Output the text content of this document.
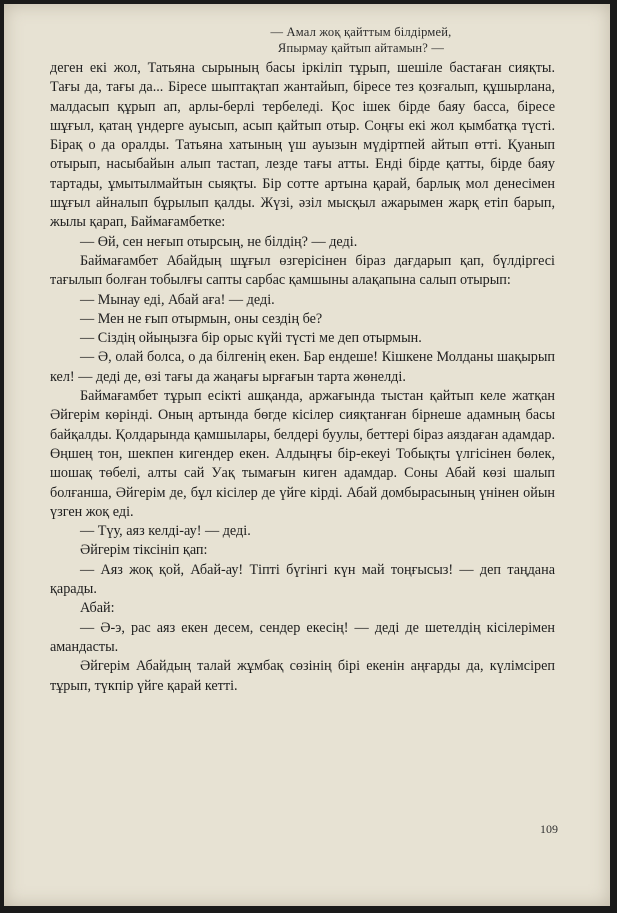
— Амал жоқ қайттым білдірмей,
Япырмау қайтып айтамын? —

деген екі жол, Татьяна сырының басы іркіліп тұрып, шешіле бастаған сияқты. Тағы да, тағы да... Біресе шыптақтап жантайып, біресе тез қозғалып, құшырлана, малдасып құрып ап, арлы-берлі тербеледі. Қос ішек бірде баяу басса, біресе шұғыл, қатаң үндерге ауысып, асып қайтып отыр. Соңғы екі жол қымбатқа түсті. Бірақ о да оралды. Татьяна хатының үш ауызын мүдіртпей айтып өтті. Қуанып отырып, насыбайын алып тастап, лезде тағы атты. Енді бірде қатты, бірде баяу тартады, ұмытылмайтын сыяқты. Бір сотте артына қарай, барлық мол денесімен шұғыл айналып бұрылып қалды. Жүзі, әзіл мысқыл ажарымен жарқ етіп барып, жылы қарап, Баймағамбетке:

— Өй, сен неғып отырсың, не білдің? — деді.

Баймағамбет Абайдың шұғыл өзгерісінен біраз дағдарып қап, бүлдіргесі тағылып болған тобылғы сапты сарбас қамшыны алақапына салып отырып:

— Мынау еді, Абай аға! — деді.

— Мен не ғып отырмын, оны сездің бе?

— Сіздің ойыңызға бір орыс күйі түсті ме деп отырмын.

— Ә, олай болса, о да білгенің екен. Бар ендеше! Кішкене Молданы шақырып кел! — деді де, өзі тағы да жаңағы ырғағын тарта жөнелді.

Баймағамбет тұрып есікті ашқанда, аржағында тыстан қайтып келе жатқан Әйгерім көрінді. Оның артында бөгде кісілер сияқтанған бірнеше адамның басы байқалды. Қолдарында қамшылары, белдері буулы, беттері біраз аяздаған адамдар. Өңшең тон, шекпен кигендер екен. Алдыңғы бір-екеуі Тобықты үлгісінен бөлек, шошақ төбелі, алты сай Уақ тымағын киген адамдар. Соны Абай көзі шалып болғанша, Әйгерім де, бұл кісілер де үйге кірді. Абай домбырасының үнінен ойын үзген жоқ еді.

— Түу, аяз келді-ау! — деді.

Әйгерім тіксініп қап:

— Аяз жоқ қой, Абай-ау! Тіпті бүгінгі күн май тоңғысыз! — деп таңдана қарады.

Абай:

— Ә-э, рас аяз екен десем, сендер екесің! — деді де шетелдің кісілерімен амандасты.

Әйгерім Абайдың талай жұмбақ сөзінің бірі екенін аңғарды да, күлімсіреп тұрып, түкпір үйге қарай кетті.

109
